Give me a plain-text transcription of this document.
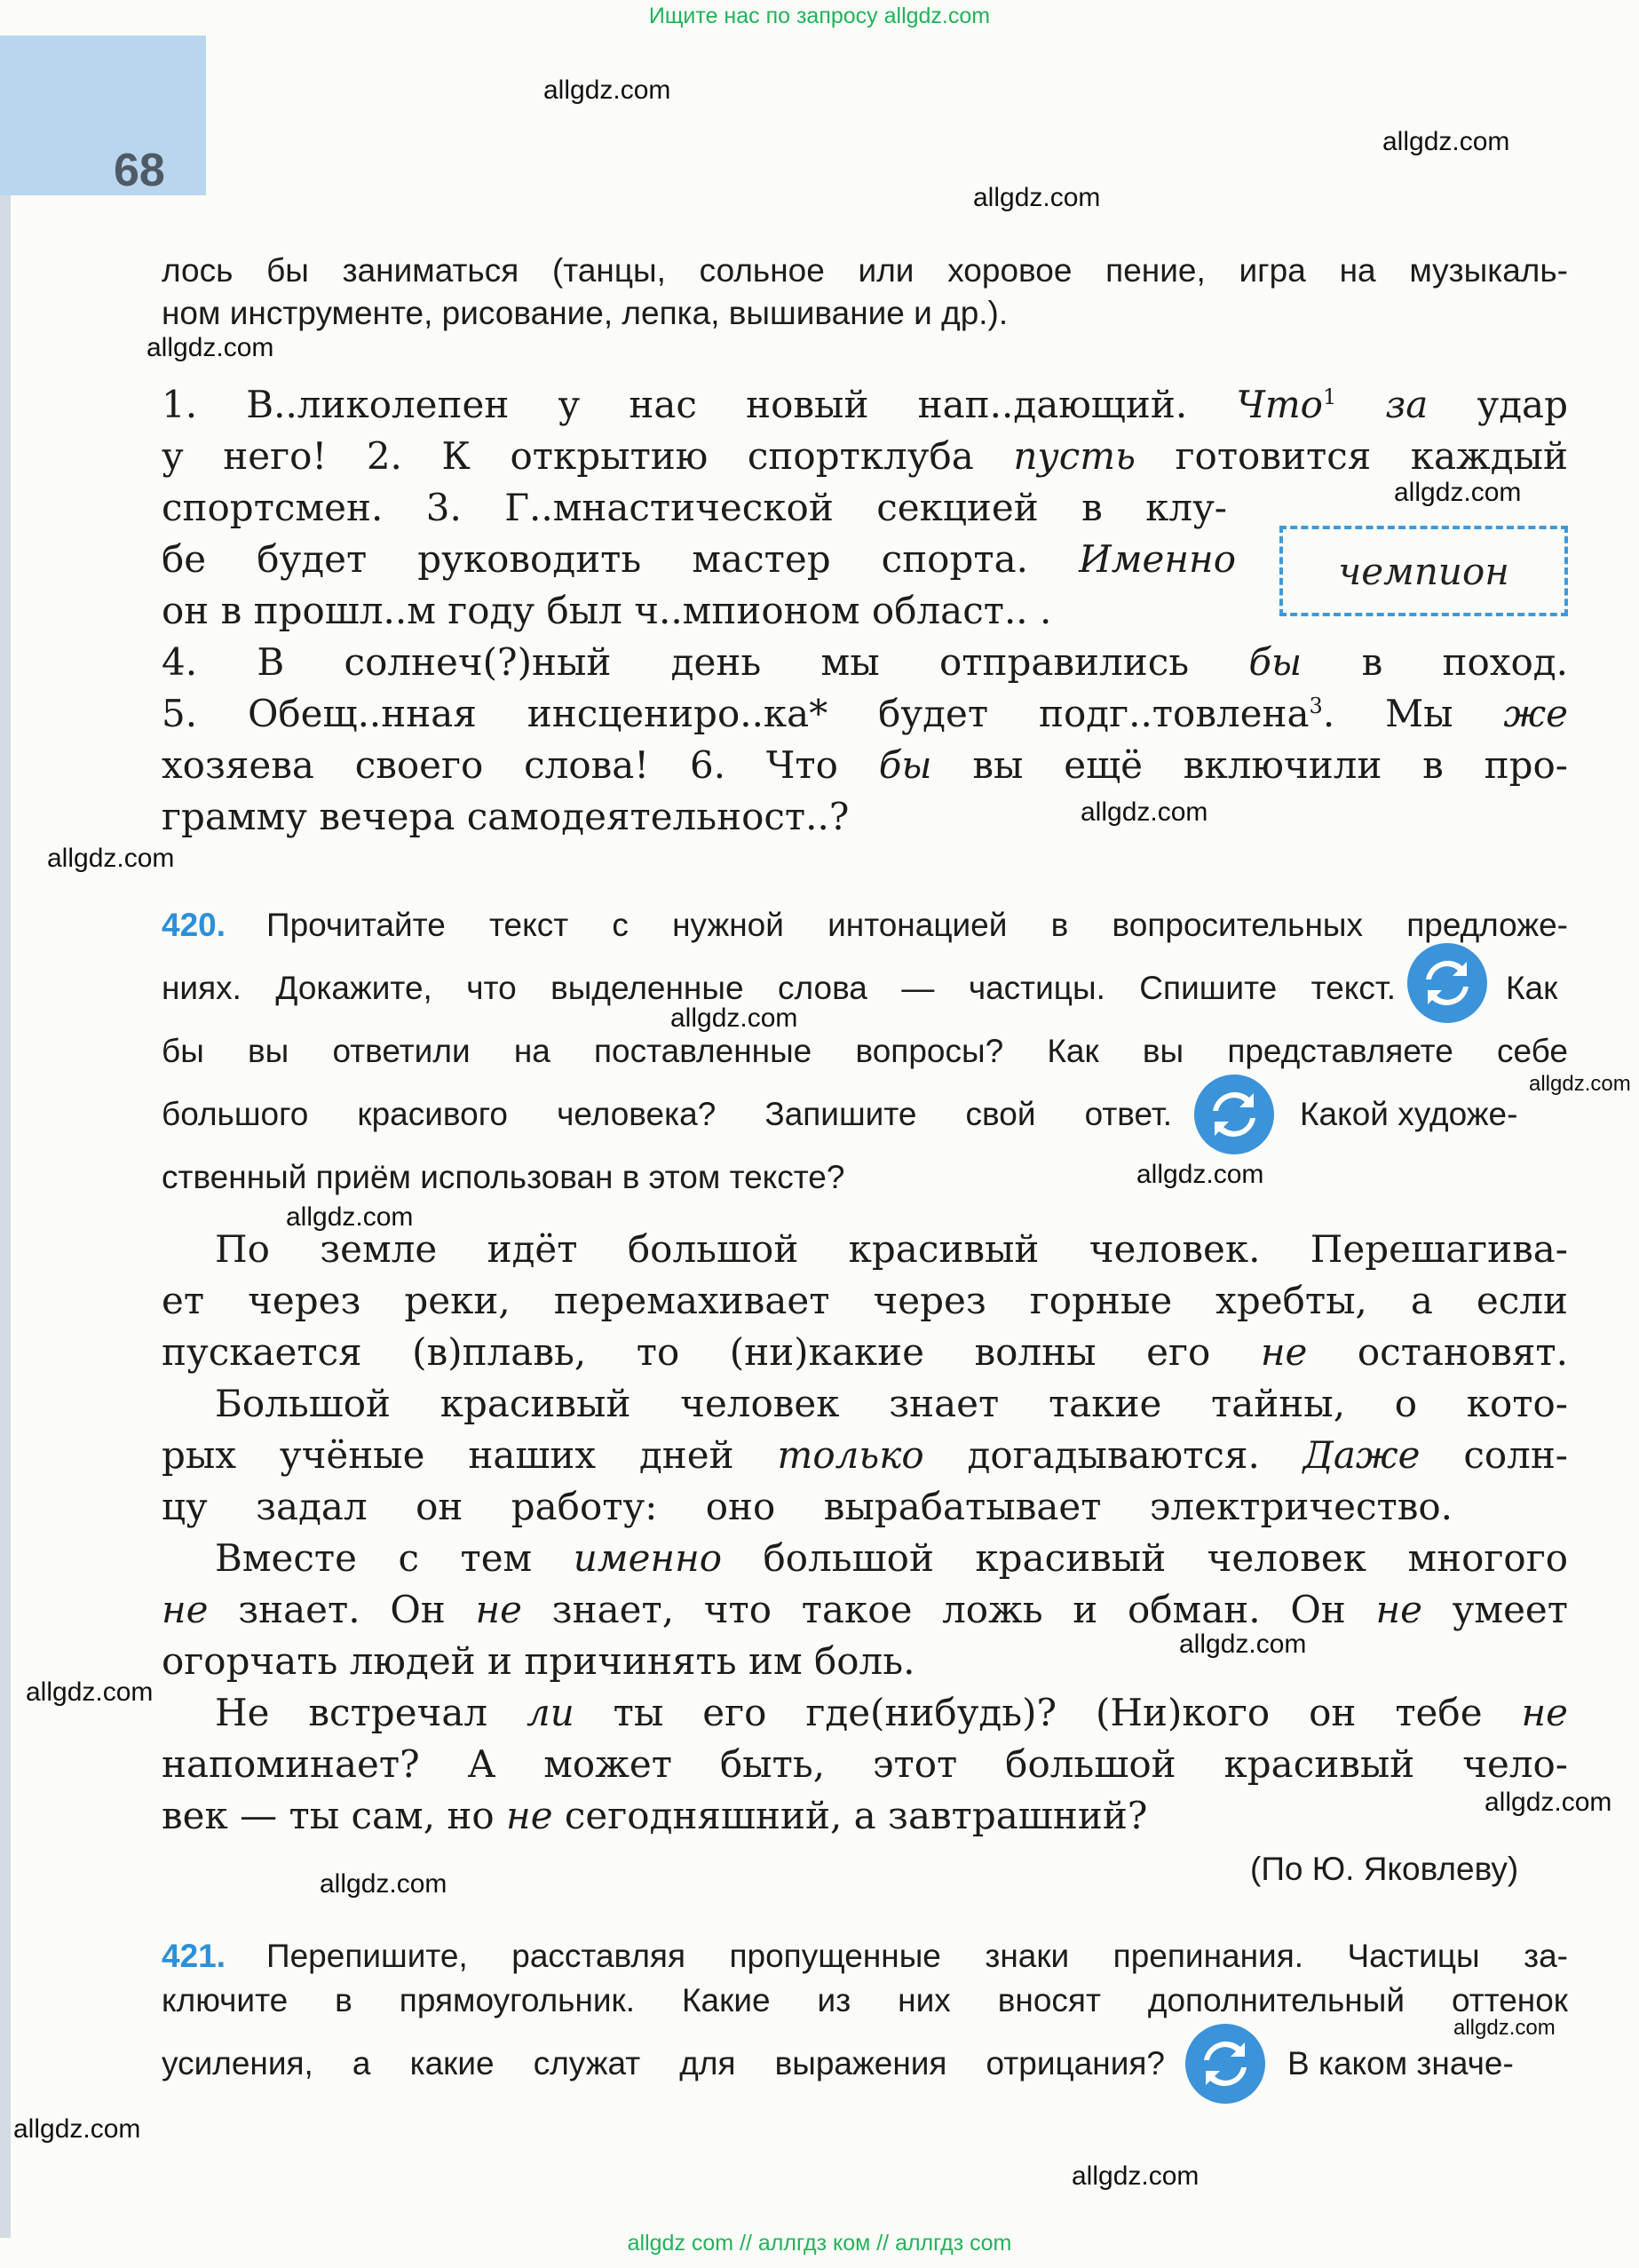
68
Ищите нас по запросу allgdz.com
allgdz com // аллгдз ком // аллгдз com
лось бы заниматься (танцы, сольное или хоровое пение, игра на музыкаль-
ном инструменте, рисование, лепка, вышивание и др.).
1. В..ликолепен у нас новый нап..дающий. Что$^1$ за удар
у него! 2. К открытию спортклуба пусть готовится каждый
спортсмен. 3. Г..мнастической секцией в клу-
бе будет руководить мастер спорта. Именно
он в прошл..м году был ч..мпионом област.. .
4. В солнеч(?)ный день мы отправились бы в поход.
5. Обещ..нная инсцениро..ка* будет подг..товлена$^3$. Мы же
хозяева своего слова! 6. Что бы вы ещё включили в про-
грамму вечера самодеятельност..?
чемпион
420. Прочитайте текст с нужной интонацией в вопросительных предложе-
ниях. Докажите, что выделенные слова — частицы. Спишите текст.	Как
бы вы ответили на поставленные вопросы? Как вы представляете себе
большого красивого человека? Запишите свой ответ.	Какой художе-
ственный приём использован в этом тексте?
По земле идёт большой красивый человек. Перешагива-
ет через реки, перемахивает через горные хребты, а если
пускается (в)плавь, то (ни)какие волны его не остановят.
Большой красивый человек знает такие тайны, о кото-
рых учёные наших дней только догадываются. Даже солн-
цу задал он работу: оно вырабатывает электричество.
Вместе с тем именно большой красивый человек многого
не знает. Он не знает, что такое ложь и обман. Он не умеет
огорчать людей и причинять им боль.
Не встречал ли ты его где(нибудь)? (Ни)кого он тебе не
напоминает? А может быть, этот большой красивый чело-
век — ты сам, но не сегодняшний, а завтрашний?
(По Ю. Яковлеву)
421. Перепишите, расставляя пропущенные знаки препинания. Частицы за-
ключите в прямоугольник. Какие из них вносят дополнительный оттенок
усиления, а какие служат для выражения отрицания?	В каком значе-
allgdz.com
allgdz.com
allgdz.com
allgdz.com
allgdz.com
allgdz.com
allgdz.com
allgdz.com
allgdz.com
allgdz.com
allgdz.com
allgdz.com
allgdz.com
allgdz.com
allgdz.com
allgdz.com
allgdz.com
allgdz.com
